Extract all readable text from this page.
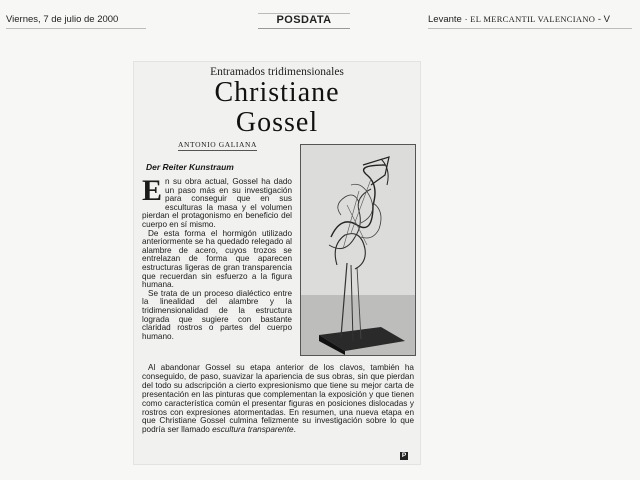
Viernes, 7 de julio de 2000	POSDATA	Levante · EL MERCANTIL VALENCIANO - V
Entramados tridimensionales
Christiane
Gossel
ANTONIO GALIANA
Der Reiter Kunstraum

En su obra actual, Gossel ha dado un paso más en su investigación para conseguir que en sus esculturas la masa y el volumen pierdan el protagonismo en beneficio del cuerpo en sí mismo.

De esta forma el hormigón utilizado anteriormente se ha quedado relegado al alambre de acero, cuyos trozos se entrelazan de forma que aparecen estructuras ligeras de gran transparencia que recuerdan sin esfuerzo a la figura humana.

Se trata de un proceso dialéctico entre la linealidad del alambre y la tridimensionalidad de la estructura lograda que sugiere con bastante claridad rostros o partes del cuerpo humano.

Al abandonar Gossel su etapa anterior de los clavos, también ha conseguido, de paso, suavizar la apariencia de sus obras, sin que pierdan del todo su adscripción a cierto expresionismo que tiene su mejor carta de presentación en las pinturas que complementan la exposición y que tienen como característica común el presentar figuras en posiciones dislocadas y rostros con expresiones atormentadas. En resumen, una nueva etapa en que Christiane Gossel culmina felizmente su investigación sobre lo que podría ser llamado escultura transparente.

P
